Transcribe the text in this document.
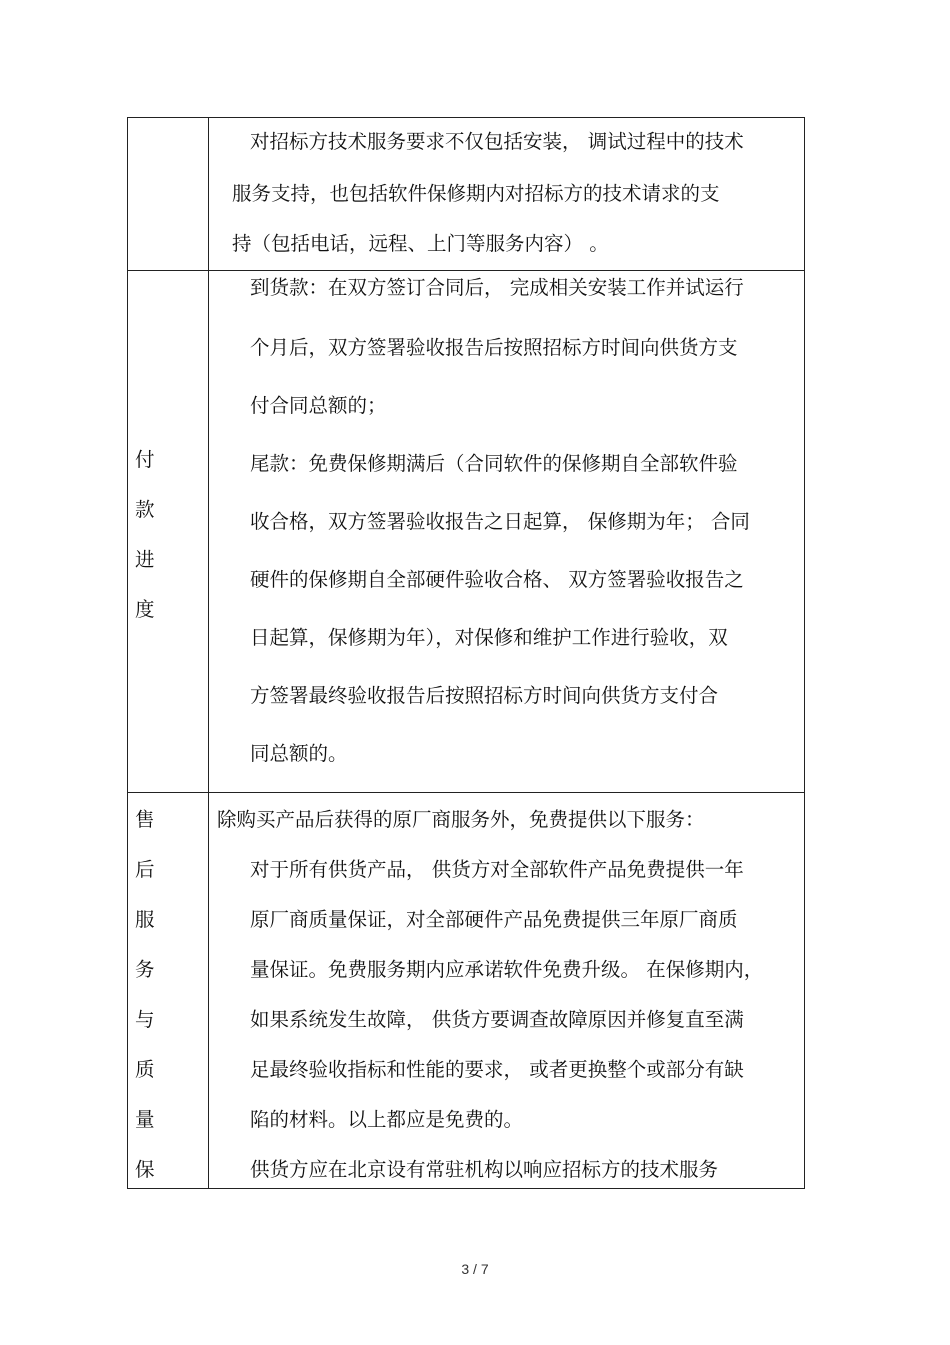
对招标方技术服务要求不仅包括安装， 调试过程中的技术
服务支持，也包括软件保修期内对招标方的技术请求的支
持（包括电话，远程、上门等服务内容） 。
付
款
进
度
到货款：在双方签订合同后， 完成相关安装工作并试运行
个月后，双方签署验收报告后按照招标方时间向供货方支
付合同总额的；
尾款：免费保修期满后（合同软件的保修期自全部软件验
收合格，双方签署验收报告之日起算， 保修期为年； 合同
硬件的保修期自全部硬件验收合格、 双方签署验收报告之
日起算，保修期为年），对保修和维护工作进行验收，双
方签署最终验收报告后按照招标方时间向供货方支付合
同总额的。
售
后
服
务
与
质
量
保
除购买产品后获得的原厂商服务外，免费提供以下服务：
对于所有供货产品， 供货方对全部软件产品免费提供一年
原厂商质量保证，对全部硬件产品免费提供三年原厂商质
量保证。免费服务期内应承诺软件免费升级。 在保修期内，
如果系统发生故障， 供货方要调查故障原因并修复直至满
足最终验收指标和性能的要求， 或者更换整个或部分有缺
陷的材料。以上都应是免费的。
供货方应在北京设有常驻机构以响应招标方的技术服务
3 / 7
